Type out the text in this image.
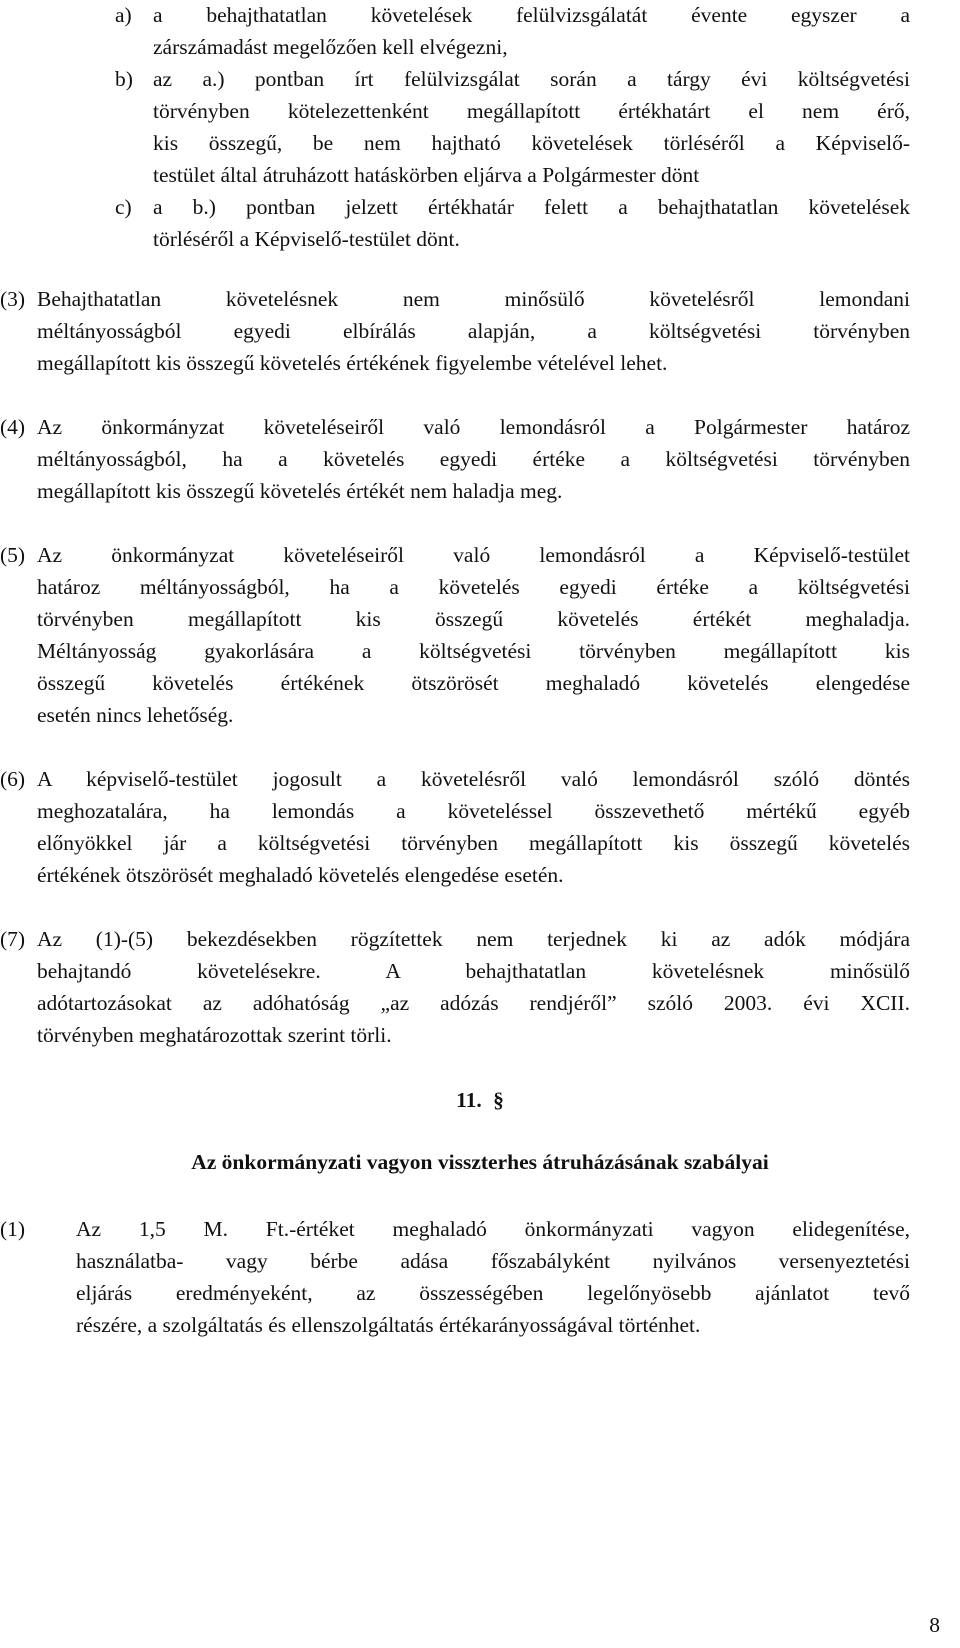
a) a behajthatatlan követelések felülvizsgálatát évente egyszer a
zárszámadást megelőzően kell elvégezni,
b) az a.) pontban írt felülvizsgálat során a tárgy évi költségvetési
törvényben kötelezettenként megállapított értékhatárt el nem érő,
kis összegű, be nem hajtható követelések törléséről a Képviselő-
testület által átruházott hatáskörben eljárva a Polgármester dönt
c) a b.) pontban jelzett értékhatár felett a behajthatatlan követelések
törléséről a Képviselő-testület dönt.
(3) Behajthatatlan követelésnek nem minősülő követelésről lemondani
méltányosságból egyedi elbírálás alapján, a költségvetési törvényben
megállapított kis összegű követelés értékének figyelembe vételével lehet.
(4) Az önkormányzat követeléseiről való lemondásról a Polgármester határoz
méltányosságból, ha a követelés egyedi értéke a költségvetési törvényben
megállapított kis összegű követelés értékét nem haladja meg.
(5) Az önkormányzat követeléseiről való lemondásról a Képviselő-testület
határoz méltányosságból, ha a követelés egyedi értéke a költségvetési
törvényben megállapított kis összegű követelés értékét meghaladja.
Méltányosság gyakorlására a költségvetési törvényben megállapított kis
összegű követelés értékének ötszörösét meghaladó követelés elengedése
esetén nincs lehetőség.
(6) A képviselő-testület jogosult a követelésről való lemondásról szóló döntés
meghozatalára, ha lemondás a követeléssel összevethető mértékű egyéb
előnyökkel jár a költségvetési törvényben megállapított kis összegű követelés
értékének ötszörösét meghaladó követelés elengedése esetén.
(7) Az (1)-(5) bekezdésekben rögzítettek nem terjednek ki az adók módjára
behajtandó követelésekre. A behajthatatlan követelésnek minősülő
adótartozásokat az adóhatóság „az adózás rendjéről” szóló 2003. évi XCII.
törvényben meghatározottak szerint törli.
11. §
Az önkormányzati vagyon visszterhes átruházásának szabályai
(1) Az 1,5 M. Ft.-értéket meghaladó önkormányzati vagyon elidegenítése,
használatba- vagy bérbe adása főszabályként nyilvános versenyeztetési
eljárás eredményeként, az összességében legelőnyösebb ajánlatot tevő
részére, a szolgáltatás és ellenszolgáltatás értékarányosságával történhet.
8
